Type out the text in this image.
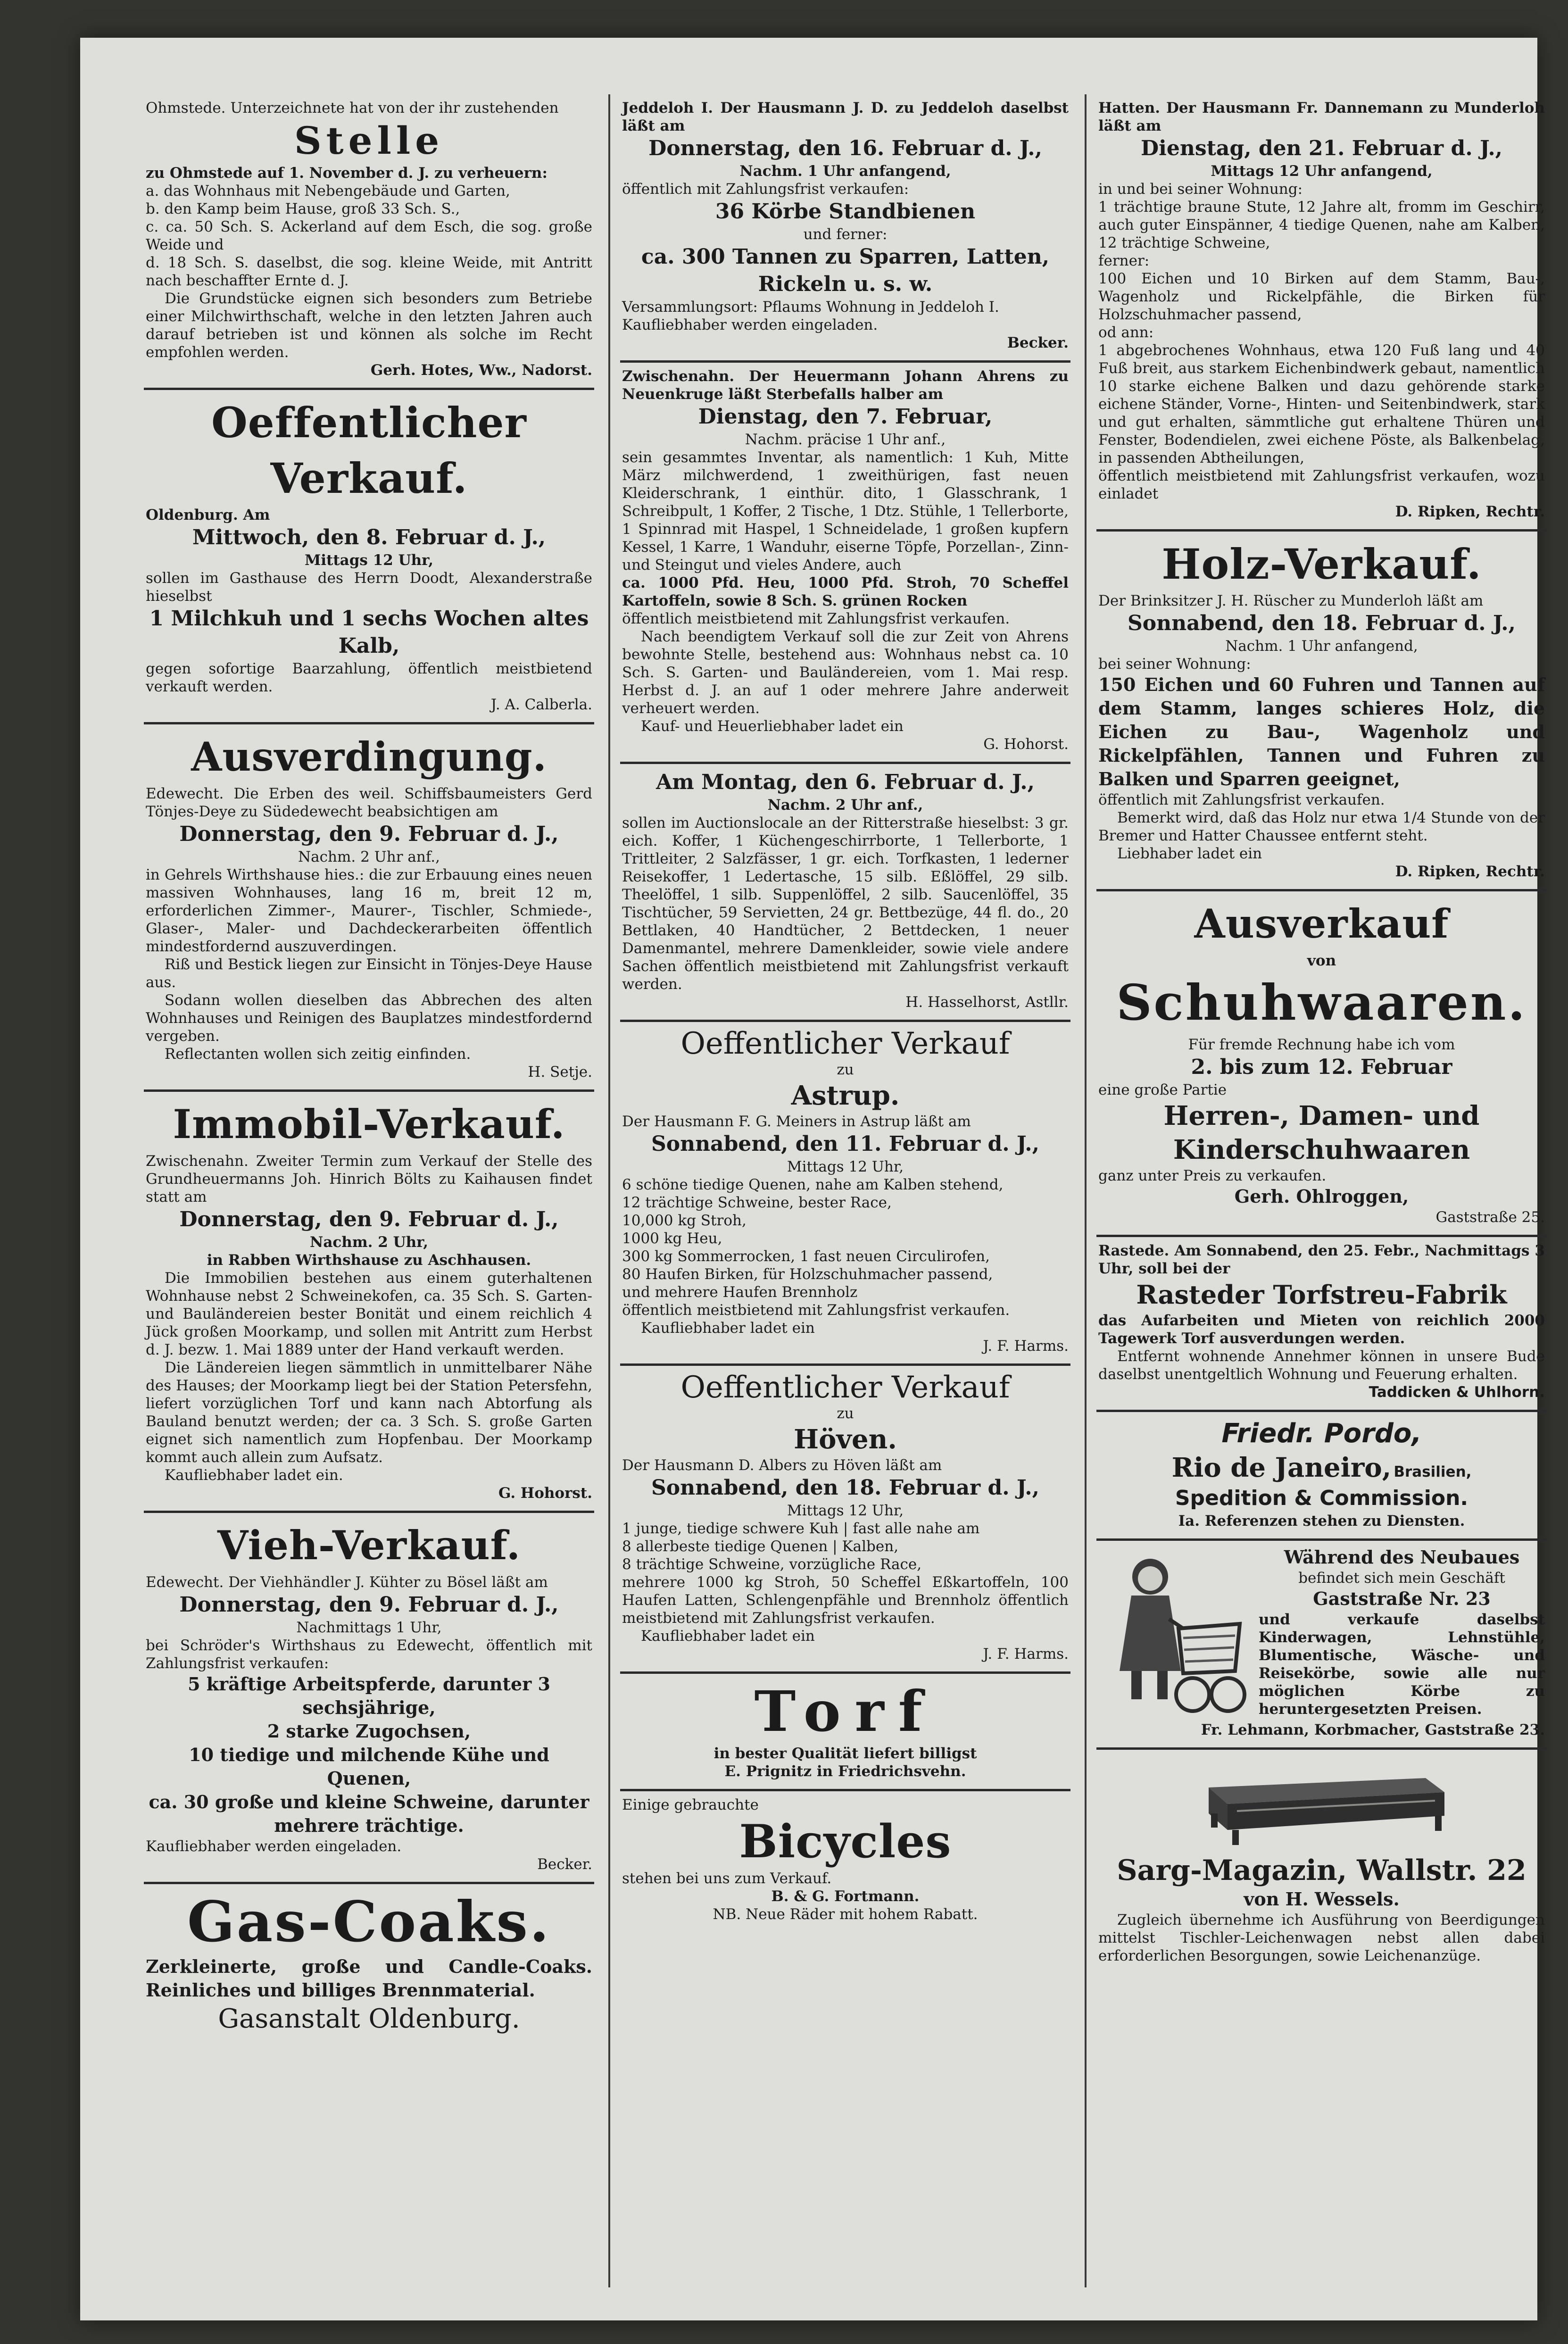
Ohmstede. Unterzeichnete hat von der ihr zustehenden

Stelle

zu Ohmstede auf 1. November d. J. zu verheuern:

a. das Wohnhaus mit Nebengebäude und Garten,

b. den Kamp beim Hause, groß 33 Sch. S.,

c. ca. 50 Sch. S. Ackerland auf dem Esch, die sog. große Weide und

d. 18 Sch. S. daselbst, die sog. kleine Weide, mit Antritt nach beschaffter Ernte d. J.

Die Grundstücke eignen sich besonders zum Betriebe einer Milchwirthschaft, welche in den letzten Jahren auch darauf betrieben ist und können als solche im Recht empfohlen werden.

Gerh. Hotes, Ww., Nadorst.

Oeffentlicher Verkauf.

Oldenburg. Am

Mittwoch, den 8. Februar d. J.,

Mittags 12 Uhr,

sollen im Gasthause des Herrn Doodt, Alexanderstraße hieselbst

1 Milchkuh und 1 sechs Wochen altes Kalb,

gegen sofortige Baarzahlung, öffentlich meistbietend verkauft werden.

J. A. Calberla.

Ausverdingung.

Edewecht. Die Erben des weil. Schiffsbaumeisters Gerd Tönjes-Deye zu Südedewecht beabsichtigen am

Donnerstag, den 9. Februar d. J.,

Nachm. 2 Uhr anf.,

in Gehrels Wirthshause hies.: die zur Erbauung eines neuen massiven Wohnhauses, lang 16 m, breit 12 m, erforderlichen Zimmer-, Maurer-, Tischler, Schmiede-, Glaser-, Maler- und Dachdeckerarbeiten öffentlich mindestfordernd auszuverdingen.

Riß und Bestick liegen zur Einsicht in Tönjes-Deye Hause aus.

Sodann wollen dieselben das Abbrechen des alten Wohnhauses und Reinigen des Bauplatzes mindestfordernd vergeben.

Reflectanten wollen sich zeitig einfinden.

H. Setje.

Immobil-Verkauf.

Zwischenahn. Zweiter Termin zum Verkauf der Stelle des Grundheuermanns Joh. Hinrich Bölts zu Kaihausen findet statt am

Donnerstag, den 9. Februar d. J.,

Nachm. 2 Uhr,

in Rabben Wirthshause zu Aschhausen.

Die Immobilien bestehen aus einem guterhaltenen Wohnhause nebst 2 Schweinekofen, ca. 35 Sch. S. Garten- und Bauländereien bester Bonität und einem reichlich 4 Jück großen Moorkamp, und sollen mit Antritt zum Herbst d. J. bezw. 1. Mai 1889 unter der Hand verkauft werden.

Die Ländereien liegen sämmtlich in unmittelbarer Nähe des Hauses; der Moorkamp liegt bei der Station Petersfehn, liefert vorzüglichen Torf und kann nach Abtorfung als Bauland benutzt werden; der ca. 3 Sch. S. große Garten eignet sich namentlich zum Hopfenbau. Der Moorkamp kommt auch allein zum Aufsatz.

Kaufliebhaber ladet ein.

G. Hohorst.

Vieh-Verkauf.

Edewecht. Der Viehhändler J. Kühter zu Bösel läßt am

Donnerstag, den 9. Februar d. J.,

Nachmittags 1 Uhr,

bei Schröder's Wirthshaus zu Edewecht, öffentlich mit Zahlungsfrist verkaufen:

5 kräftige Arbeitspferde, darunter 3 sechsjährige,

2 starke Zugochsen,

10 tiedige und milchende Kühe und Quenen,

ca. 30 große und kleine Schweine, darunter mehrere trächtige.

Kaufliebhaber werden eingeladen.

Becker.

Gas-Coaks.

Zerkleinerte, große und Candle-Coaks. Reinliches und billiges Brennmaterial.

Gasanstalt Oldenburg.

Jeddeloh I. Der Hausmann J. D. zu Jeddeloh daselbst läßt am

Donnerstag, den 16. Februar d. J.,

Nachm. 1 Uhr anfangend,

öffentlich mit Zahlungsfrist verkaufen:

36 Körbe Standbienen

und ferner:

ca. 300 Tannen zu Sparren, Latten, Rickeln u. s. w.

Versammlungsort: Pflaums Wohnung in Jeddeloh I.

Kaufliebhaber werden eingeladen.

Becker.

Zwischenahn. Der Heuermann Johann Ahrens zu Neuenkruge läßt Sterbefalls halber am

Dienstag, den 7. Februar,

Nachm. präcise 1 Uhr anf.,

sein gesammtes Inventar, als namentlich: 1 Kuh, Mitte März milchwerdend, 1 zweithürigen, fast neuen Kleiderschrank, 1 einthür. dito, 1 Glasschrank, 1 Schreibpult, 1 Koffer, 2 Tische, 1 Dtz. Stühle, 1 Tellerborte, 1 Spinnrad mit Haspel, 1 Schneidelade, 1 großen kupfern Kessel, 1 Karre, 1 Wanduhr, eiserne Töpfe, Porzellan-, Zinn- und Steingut und vieles Andere, auch

ca. 1000 Pfd. Heu, 1000 Pfd. Stroh, 70 Scheffel Kartoffeln, sowie 8 Sch. S. grünen Rocken

öffentlich meistbietend mit Zahlungsfrist verkaufen.

Nach beendigtem Verkauf soll die zur Zeit von Ahrens bewohnte Stelle, bestehend aus: Wohnhaus nebst ca. 10 Sch. S. Garten- und Bauländereien, vom 1. Mai resp. Herbst d. J. an auf 1 oder mehrere Jahre anderweit verheuert werden.

Kauf- und Heuerliebhaber ladet ein

G. Hohorst.

Am Montag, den 6. Februar d. J.,

Nachm. 2 Uhr anf.,

sollen im Auctionslocale an der Ritterstraße hieselbst: 3 gr. eich. Koffer, 1 Küchengeschirrborte, 1 Tellerborte, 1 Trittleiter, 2 Salzfässer, 1 gr. eich. Torfkasten, 1 lederner Reisekoffer, 1 Ledertasche, 15 silb. Eßlöffel, 29 silb. Theelöffel, 1 silb. Suppenlöffel, 2 silb. Saucenlöffel, 35 Tischtücher, 59 Servietten, 24 gr. Bettbezüge, 44 fl. do., 20 Bettlaken, 40 Handtücher, 2 Bettdecken, 1 neuer Damenmantel, mehrere Damenkleider, sowie viele andere Sachen öffentlich meistbietend mit Zahlungsfrist verkauft werden.

H. Hasselhorst, Astllr.

Oeffentlicher Verkauf

zu

Astrup.

Der Hausmann F. G. Meiners in Astrup läßt am

Sonnabend, den 11. Februar d. J.,

Mittags 12 Uhr,

6 schöne tiedige Quenen, nahe am Kalben stehend,

12 trächtige Schweine, bester Race,

10,000 kg Stroh,

1000 kg Heu,

300 kg Sommerrocken, 1 fast neuen Circulirofen,

80 Haufen Birken, für Holzschuhmacher passend,

und mehrere Haufen Brennholz

öffentlich meistbietend mit Zahlungsfrist verkaufen.

Kaufliebhaber ladet ein

J. F. Harms.

Oeffentlicher Verkauf

zu

Höven.

Der Hausmann D. Albers zu Höven läßt am

Sonnabend, den 18. Februar d. J.,

Mittags 12 Uhr,

1 junge, tiedige schwere Kuh | fast alle nahe am

8 allerbeste tiedige Quenen | Kalben,

8 trächtige Schweine, vorzügliche Race,

mehrere 1000 kg Stroh, 50 Scheffel Eßkartoffeln, 100 Haufen Latten, Schlengenpfähle und Brennholz öffentlich meistbietend mit Zahlungsfrist verkaufen.

Kaufliebhaber ladet ein

J. F. Harms.

Torf

in bester Qualität liefert billigst

E. Prignitz in Friedrichsvehn.

Einige gebrauchte

Bicycles

stehen bei uns zum Verkauf.

B. & G. Fortmann.

NB. Neue Räder mit hohem Rabatt.

Hatten. Der Hausmann Fr. Dannemann zu Munderloh läßt am

Dienstag, den 21. Februar d. J.,

Mittags 12 Uhr anfangend,

in und bei seiner Wohnung:

1 trächtige braune Stute, 12 Jahre alt, fromm im Geschirr, auch guter Einspänner, 4 tiedige Quenen, nahe am Kalben, 12 trächtige Schweine,

ferner:

100 Eichen und 10 Birken auf dem Stamm, Bau-, Wagenholz und Rickelpfähle, die Birken für Holzschuhmacher passend,

od ann:

1 abgebrochenes Wohnhaus, etwa 120 Fuß lang und 40 Fuß breit, aus starkem Eichenbindwerk gebaut, namentlich 10 starke eichene Balken und dazu gehörende starke eichene Ständer, Vorne-, Hinten- und Seitenbindwerk, stark und gut erhalten, sämmtliche gut erhaltene Thüren und Fenster, Bodendielen, zwei eichene Pöste, als Balkenbelag, in passenden Abtheilungen,

öffentlich meistbietend mit Zahlungsfrist verkaufen, wozu einladet

D. Ripken, Rechtr.

Holz-Verkauf.

Der Brinksitzer J. H. Rüscher zu Munderloh läßt am

Sonnabend, den 18. Februar d. J.,

Nachm. 1 Uhr anfangend,

bei seiner Wohnung:

150 Eichen und 60 Fuhren und Tannen auf dem Stamm, langes schieres Holz, die Eichen zu Bau-, Wagenholz und Rickelpfählen, Tannen und Fuhren zu Balken und Sparren geeignet,

öffentlich mit Zahlungsfrist verkaufen.

Bemerkt wird, daß das Holz nur etwa 1/4 Stunde von der Bremer und Hatter Chaussee entfernt steht.

Liebhaber ladet ein

D. Ripken, Rechtr.

Ausverkauf

von

Schuhwaaren.

Für fremde Rechnung habe ich vom

2. bis zum 12. Februar

eine große Partie

Herren-, Damen- und Kinderschuhwaaren

ganz unter Preis zu verkaufen.

Gerh. Ohlroggen,

Gaststraße 25.

Rastede. Am Sonnabend, den 25. Febr., Nachmittags 3 Uhr, soll bei der

Rasteder Torfstreu-Fabrik

das Aufarbeiten und Mieten von reichlich 2000 Tagewerk Torf ausverdungen werden.

Entfernt wohnende Annehmer können in unsere Bude daselbst unentgeltlich Wohnung und Feuerung erhalten.

Taddicken & Uhlhorn.

Friedr. Pordo,

Rio de Janeiro, Brasilien,

Spedition & Commission.

Ia. Referenzen stehen zu Diensten.

Während des Neubaues

befindet sich mein Geschäft

Gaststraße Nr. 23

und verkaufe daselbst Kinderwagen, Lehnstühle, Blumentische, Wäsche- und Reisekörbe, sowie alle nur möglichen Körbe zu heruntergesetzten Preisen.

Fr. Lehmann, Korbmacher, Gaststraße 23.

Sarg-Magazin, Wallstr. 22

von H. Wessels.

Zugleich übernehme ich Ausführung von Beerdigungen mittelst Tischler-Leichenwagen nebst allen dabei erforderlichen Besorgungen, sowie Leichenanzüge.
